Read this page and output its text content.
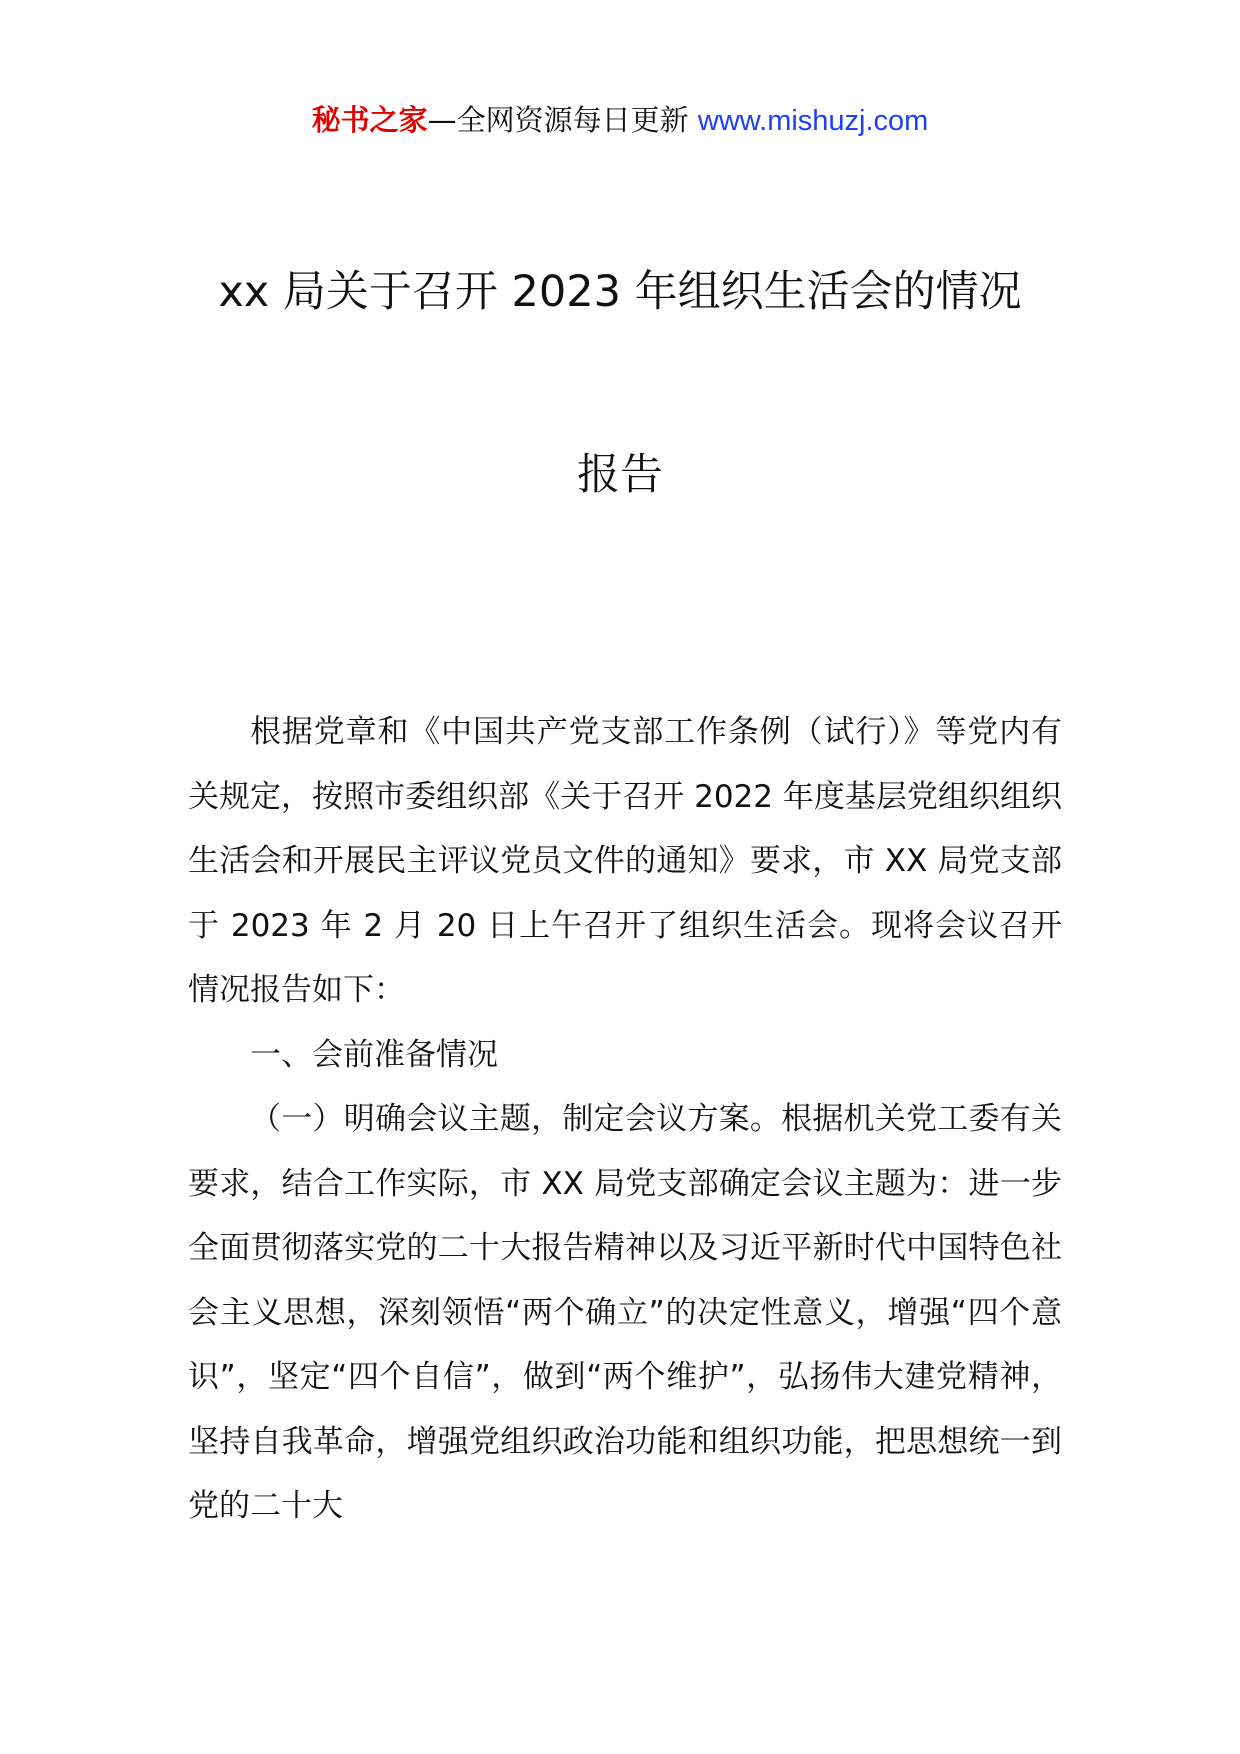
秘书之家—全网资源每日更新 www.mishuzj.com
xx 局关于召开 2023 年组织生活会的情况
报告

根据党章和《中国共产党支部工作条例（试行）》等党内有关规定，按照市委组织部《关于召开 2022 年度基层党组织组织生活会和开展民主评议党员文件的通知》要求，市 XX 局党支部于 2023 年 2 月 20 日上午召开了组织生活会。现将会议召开情况报告如下：

一、会前准备情况

（一）明确会议主题，制定会议方案。根据机关党工委有关要求，结合工作实际，市 XX 局党支部确定会议主题为：进一步全面贯彻落实党的二十大报告精神以及习近平新时代中国特色社会主义思想，深刻领悟“两个确立”的决定性意义，增强“四个意识”，坚定“四个自信”，做到“两个维护”，弘扬伟大建党精神，坚持自我革命，增强党组织政治功能和组织功能，把思想统一到党的二十大
